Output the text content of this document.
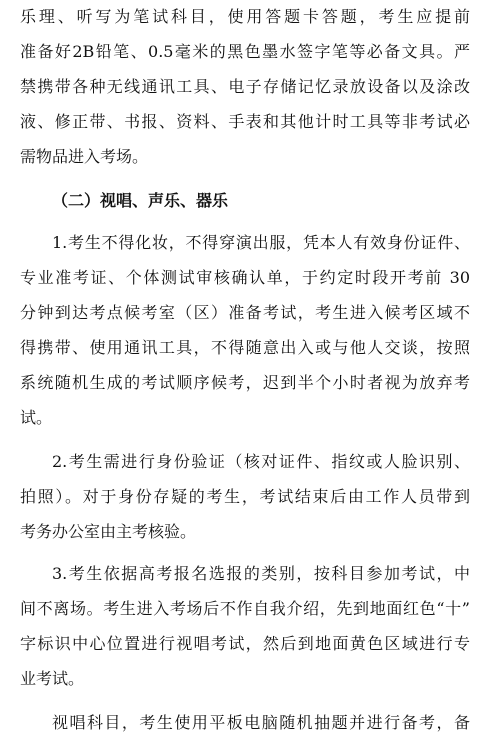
乐理、听写为笔试科目，使用答题卡答题，考生应提前
准备好2B铅笔、0.5毫米的黑色墨水签字笔等必备文具。严
禁携带各种无线通讯工具、电子存储记忆录放设备以及涂改
液、修正带、书报、资料、手表和其他计时工具等非考试必
需物品进入考场。
（二）视唱、声乐、器乐
1.考生不得化妆，不得穿演出服，凭本人有效身份证件、
专业准考证、个体测试审核确认单，于约定时段开考前 30
分钟到达考点候考室（区）准备考试，考生进入候考区域不
得携带、使用通讯工具，不得随意出入或与他人交谈，按照
系统随机生成的考试顺序候考，迟到半个小时者视为放弃考
试。
2.考生需进行身份验证（核对证件、指纹或人脸识别、
拍照）。对于身份存疑的考生，考试结束后由工作人员带到
考务办公室由主考核验。
3.考生依据高考报名选报的类别，按科目参加考试，中
间不离场。考生进入考场后不作自我介绍，先到地面红色“十”
字标识中心位置进行视唱考试，然后到地面黄色区域进行专
业考试。
视唱科目，考生使用平板电脑随机抽题并进行备考，备
